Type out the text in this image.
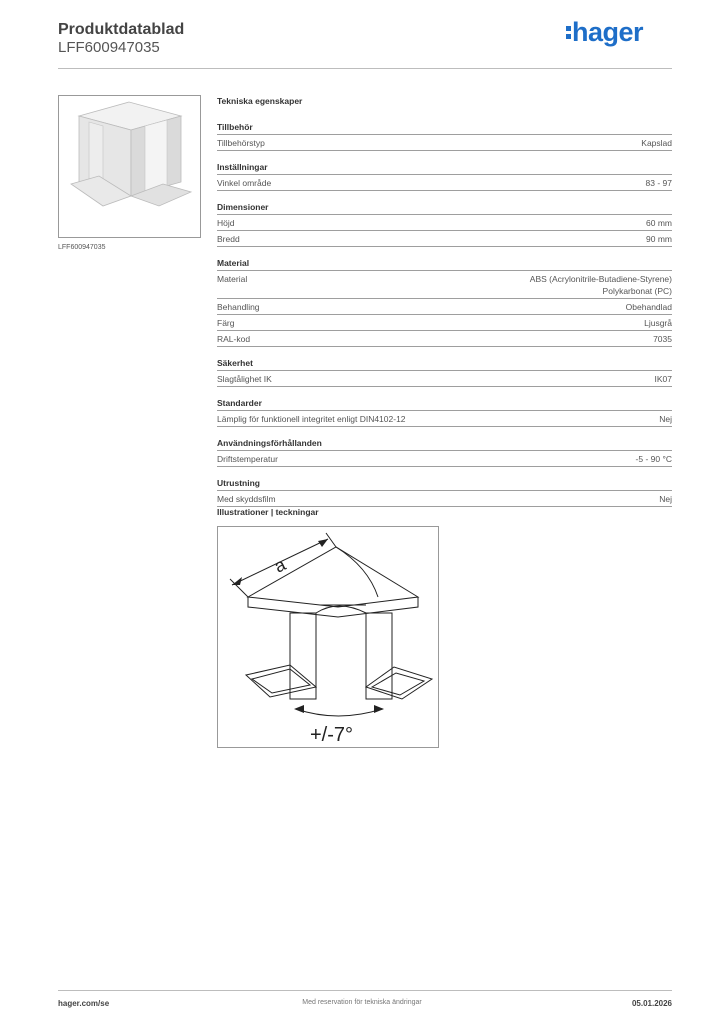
Produktdatablad
LFF600947035
hager
LFF600947035
Tekniska egenskaper
Tillbehör
Tillbehörstyp	Kapslad
Inställningar
Vinkel område	83 - 97
Dimensioner
Höjd	60 mm
Bredd	90 mm
Material
Material	ABS (Acrylonitrile-Butadiene-Styrene)
Polykarbonat (PC)
Behandling	Obehandlad
Färg	Ljusgrå
RAL-kod	7035
Säkerhet
Slagtålighet IK	IK07
Standarder
Lämplig för funktionell integritet enligt DIN4102-12	Nej
Användningsförhållanden
Driftstemperatur	-5 - 90 °C
Utrustning
Med skyddsfilm	Nej
Illustrationer | teckningar
a
+/-7°
hager.com/se	Med reservation för tekniska ändringar	05.01.2026
